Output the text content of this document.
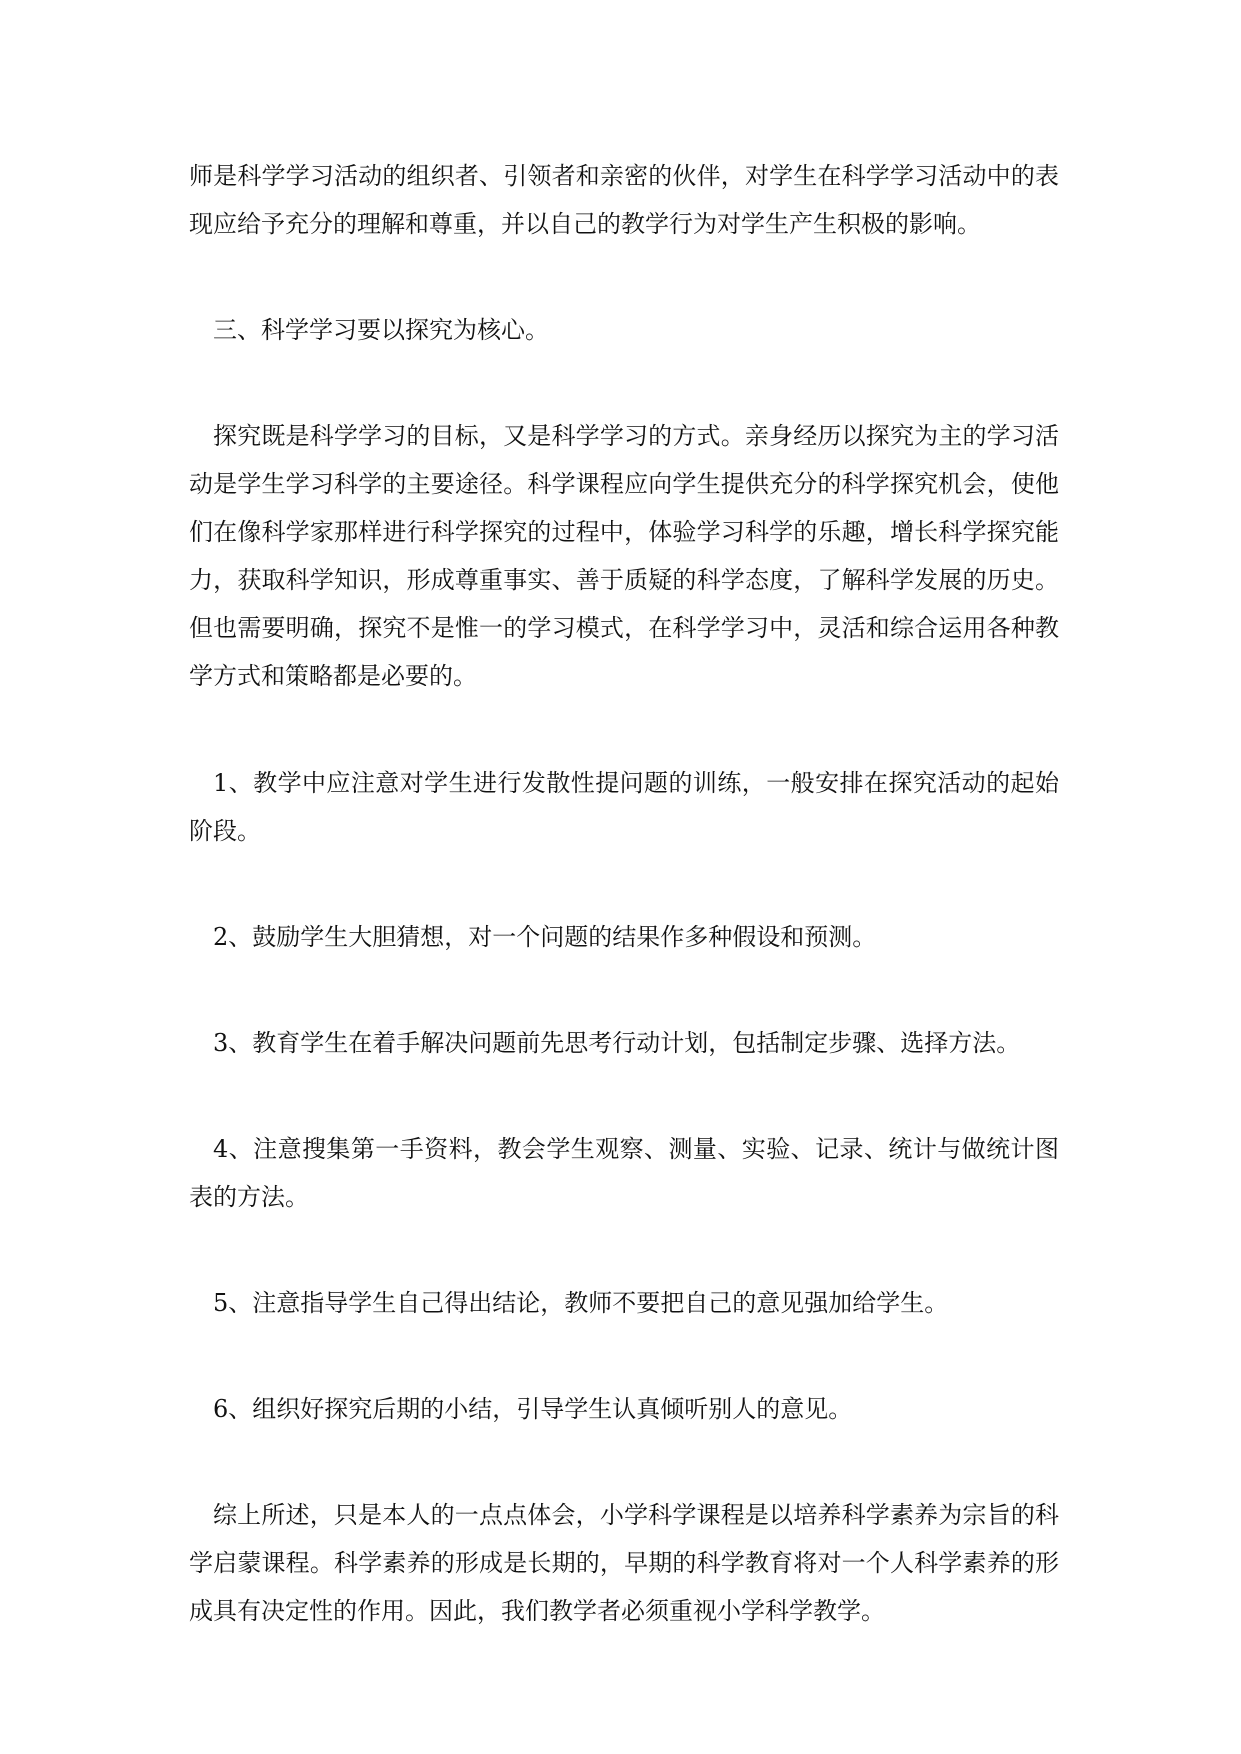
师是科学学习活动的组织者、引领者和亲密的伙伴，对学生在科学学习活动中的表现应给予充分的理解和尊重，并以自己的教学行为对学生产生积极的影响。

三、科学学习要以探究为核心。

探究既是科学学习的目标，又是科学学习的方式。亲身经历以探究为主的学习活动是学生学习科学的主要途径。科学课程应向学生提供充分的科学探究机会，使他们在像科学家那样进行科学探究的过程中，体验学习科学的乐趣，增长科学探究能力，获取科学知识，形成尊重事实、善于质疑的科学态度，了解科学发展的历史。但也需要明确，探究不是惟一的学习模式，在科学学习中，灵活和综合运用各种教学方式和策略都是必要的。

1、教学中应注意对学生进行发散性提问题的训练，一般安排在探究活动的起始阶段。

2、鼓励学生大胆猜想，对一个问题的结果作多种假设和预测。

3、教育学生在着手解决问题前先思考行动计划，包括制定步骤、选择方法。

4、注意搜集第一手资料，教会学生观察、测量、实验、记录、统计与做统计图表的方法。

5、注意指导学生自己得出结论，教师不要把自己的意见强加给学生。

6、组织好探究后期的小结，引导学生认真倾听别人的意见。

综上所述，只是本人的一点点体会，小学科学课程是以培养科学素养为宗旨的科学启蒙课程。科学素养的形成是长期的，早期的科学教育将对一个人科学素养的形成具有决定性的作用。因此，我们教学者必须重视小学科学教学。
